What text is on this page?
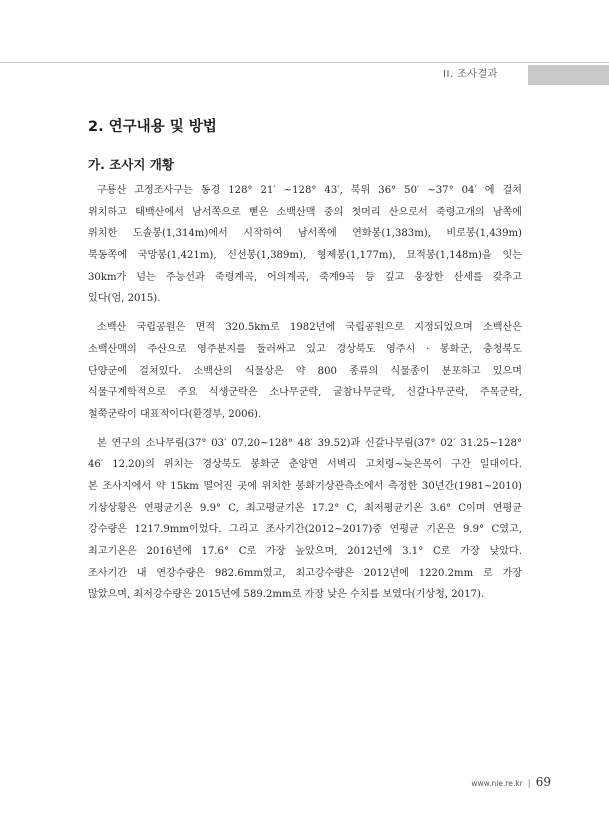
II. 조사결과
2. 연구내용 및 방법
가. 조사지 개황
구룡산 고정조사구는 동경 128° 21′ ~128° 43′, 북위 36° 50′ ~37° 04′ 에 걸쳐
위치하고 태백산에서 남서쪽으로 뻗은 소백산맥 중의 첫머리 산으로서 죽령고개의 남쪽에
위치한 도솔봉(1,314m)에서 시작하여 남서쪽에 연화봉(1,383m), 비로봉(1,439m)
북동쪽에 국망봉(1,421m), 신선봉(1,389m), 형제봉(1,177m), 묘적봉(1,148m)을 잇는
30km가 넘는 주능선과 죽령계곡, 어의계곡, 죽계9곡 등 깊고 웅장한 산세를 갖추고
있다(엄, 2015).
소백산 국립공원은 면적 320.5km로 1982년에 국립공원으로 지정되었으며 소백산은
소백산맥의 주산으로 영주분지를 둘러싸고 있고 경상북도 영주시 · 봉화군, 충청북도
단양군에 걸쳐있다. 소백산의 식물상은 약 800 종류의 식물종이 분포하고 있으며
식물구계학적으로 주요 식생군락은 소나무군락, 굴참나무군락, 신갈나무군락, 주목군락,
철쭉군락이 대표적이다(환경부, 2006).
본 연구의 소나무림(37° 03′ 07.20~128° 48′ 39.52)과 신갈나무림(37° 02′ 31.25~128°
46′ 12.20)의 위치는 경상북도 봉화군 춘양면 서벽리 고치령~늦은목이 구간 일대이다.
본 조사지에서 약 15km 떨어진 곳에 위치한 봉화기상관측소에서 측정한 30년간(1981~2010)
기상상황은 연평균기온 9.9° C, 최고평균기온 17.2° C, 최저평균기온 3.6° C이며 연평균
강수량은 1217.9mm이었다. 그리고 조사기간(2012~2017)중 연평균 기온은 9.9° C였고,
최고기온은 2016년에 17.6° C로 가장 높았으며, 2012년에 3.1° C로 가장 낮았다.
조사기간 내 연강수량은 982.6mm였고, 최고강수량은 2012년에 1220.2mm 로 가장
많았으며, 최저강수량은 2015년에 589.2mm로 가장 낮은 수치를 보였다(기상청, 2017).
www.nie.re.kr | 69
